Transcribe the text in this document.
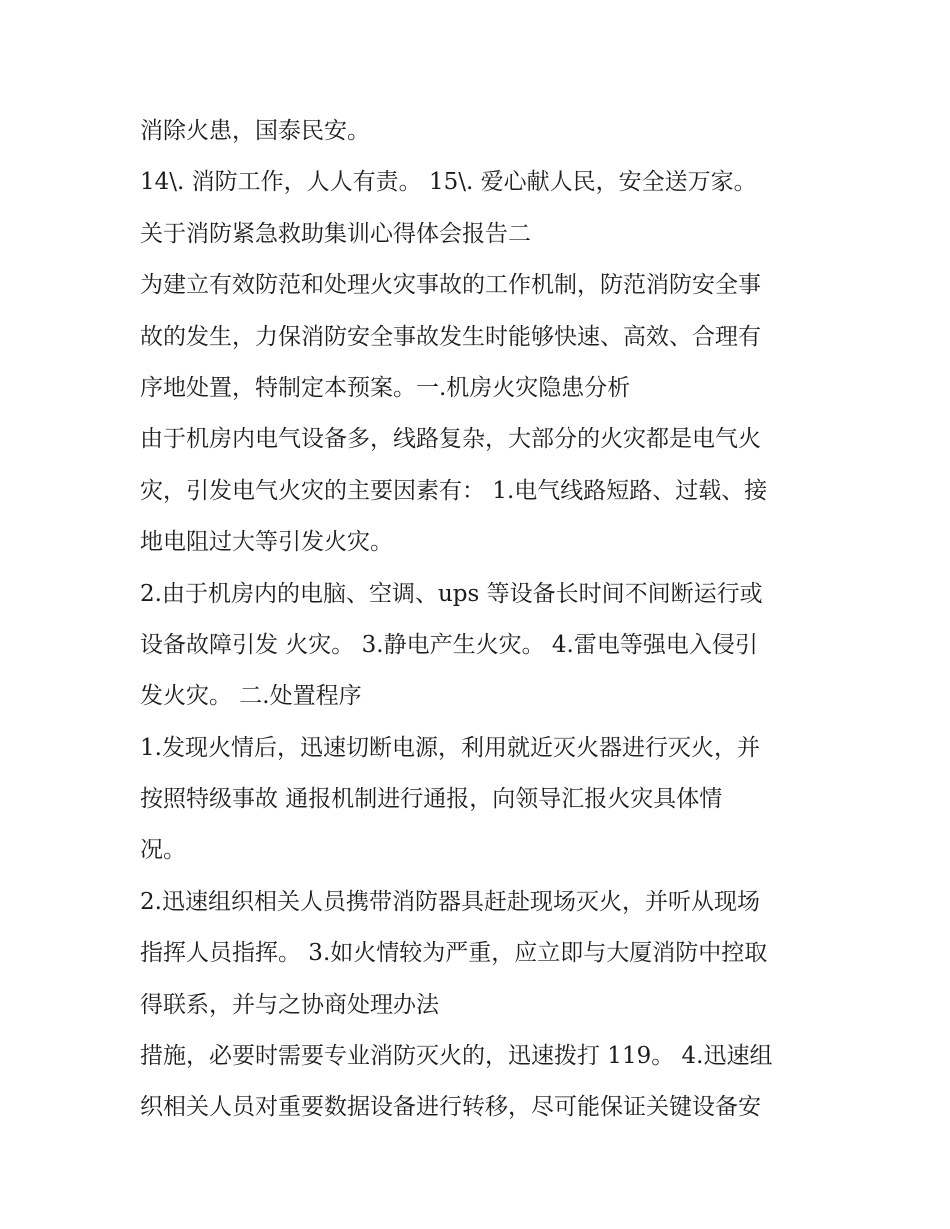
消除火患，国泰民安。

14\. 消防工作，人人有责。 15\. 爱心献人民，安全送万家。

关于消防紧急救助集训心得体会报告二

为建立有效防范和处理火灾事故的工作机制，防范消防安全事

故的发生，力保消防安全事故发生时能够快速、高效、合理有

序地处置，特制定本预案。一.机房火灾隐患分析

由于机房内电气设备多，线路复杂，大部分的火灾都是电气火

灾，引发电气火灾的主要因素有： 1.电气线路短路、过载、接

地电阻过大等引发火灾。

2.由于机房内的电脑、空调、ups 等设备长时间不间断运行或

设备故障引发 火灾。 3.静电产生火灾。 4.雷电等强电入侵引

发火灾。 二.处置程序

1.发现火情后，迅速切断电源，利用就近灭火器进行灭火，并

按照特级事故 通报机制进行通报，向领导汇报火灾具体情

况。

2.迅速组织相关人员携带消防器具赶赴现场灭火，并听从现场

指挥人员指挥。 3.如火情较为严重，应立即与大厦消防中控取

得联系，并与之协商处理办法

措施，必要时需要专业消防灭火的，迅速拨打 119。 4.迅速组

织相关人员对重要数据设备进行转移，尽可能保证关键设备安
